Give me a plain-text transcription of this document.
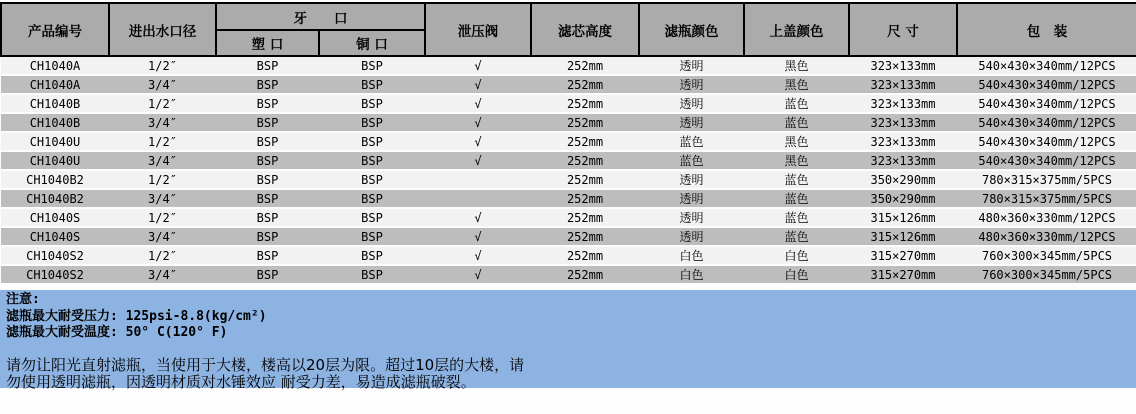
产品编号	进出水口径	牙　　口		泄压阀	滤芯高度	滤瓶颜色	上盖颜色	尺 寸	包　装
		塑 口	铜 口						
CH1040A	1/2″	BSP	BSP	√	252mm	透明	黑色	323×133mm	540×430×340mm/12PCS
CH1040A	3/4″	BSP	BSP	√	252mm	透明	黑色	323×133mm	540×430×340mm/12PCS
CH1040B	1/2″	BSP	BSP	√	252mm	透明	蓝色	323×133mm	540×430×340mm/12PCS
CH1040B	3/4″	BSP	BSP	√	252mm	透明	蓝色	323×133mm	540×430×340mm/12PCS
CH1040U	1/2″	BSP	BSP	√	252mm	蓝色	黑色	323×133mm	540×430×340mm/12PCS
CH1040U	3/4″	BSP	BSP	√	252mm	蓝色	黑色	323×133mm	540×430×340mm/12PCS
CH1040B2	1/2″	BSP	BSP		252mm	透明	蓝色	350×290mm	780×315×375mm/5PCS
CH1040B2	3/4″	BSP	BSP		252mm	透明	蓝色	350×290mm	780×315×375mm/5PCS
CH1040S	1/2″	BSP	BSP	√	252mm	透明	蓝色	315×126mm	480×360×330mm/12PCS
CH1040S	3/4″	BSP	BSP	√	252mm	透明	蓝色	315×126mm	480×360×330mm/12PCS
CH1040S2	1/2″	BSP	BSP	√	252mm	白色	白色	315×270mm	760×300×345mm/5PCS
CH1040S2	3/4″	BSP	BSP	√	252mm	白色	白色	315×270mm	760×300×345mm/5PCS
注意:
滤瓶最大耐受压力: 125psi-8.8(kg/cm²)
滤瓶最大耐受温度: 50° C(120° F)
请勿让阳光直射滤瓶，当使用于大楼，楼高以20层为限。超过10层的大楼，请
勿使用透明滤瓶，因透明材质对水锤效应 耐受力差，易造成滤瓶破裂。
